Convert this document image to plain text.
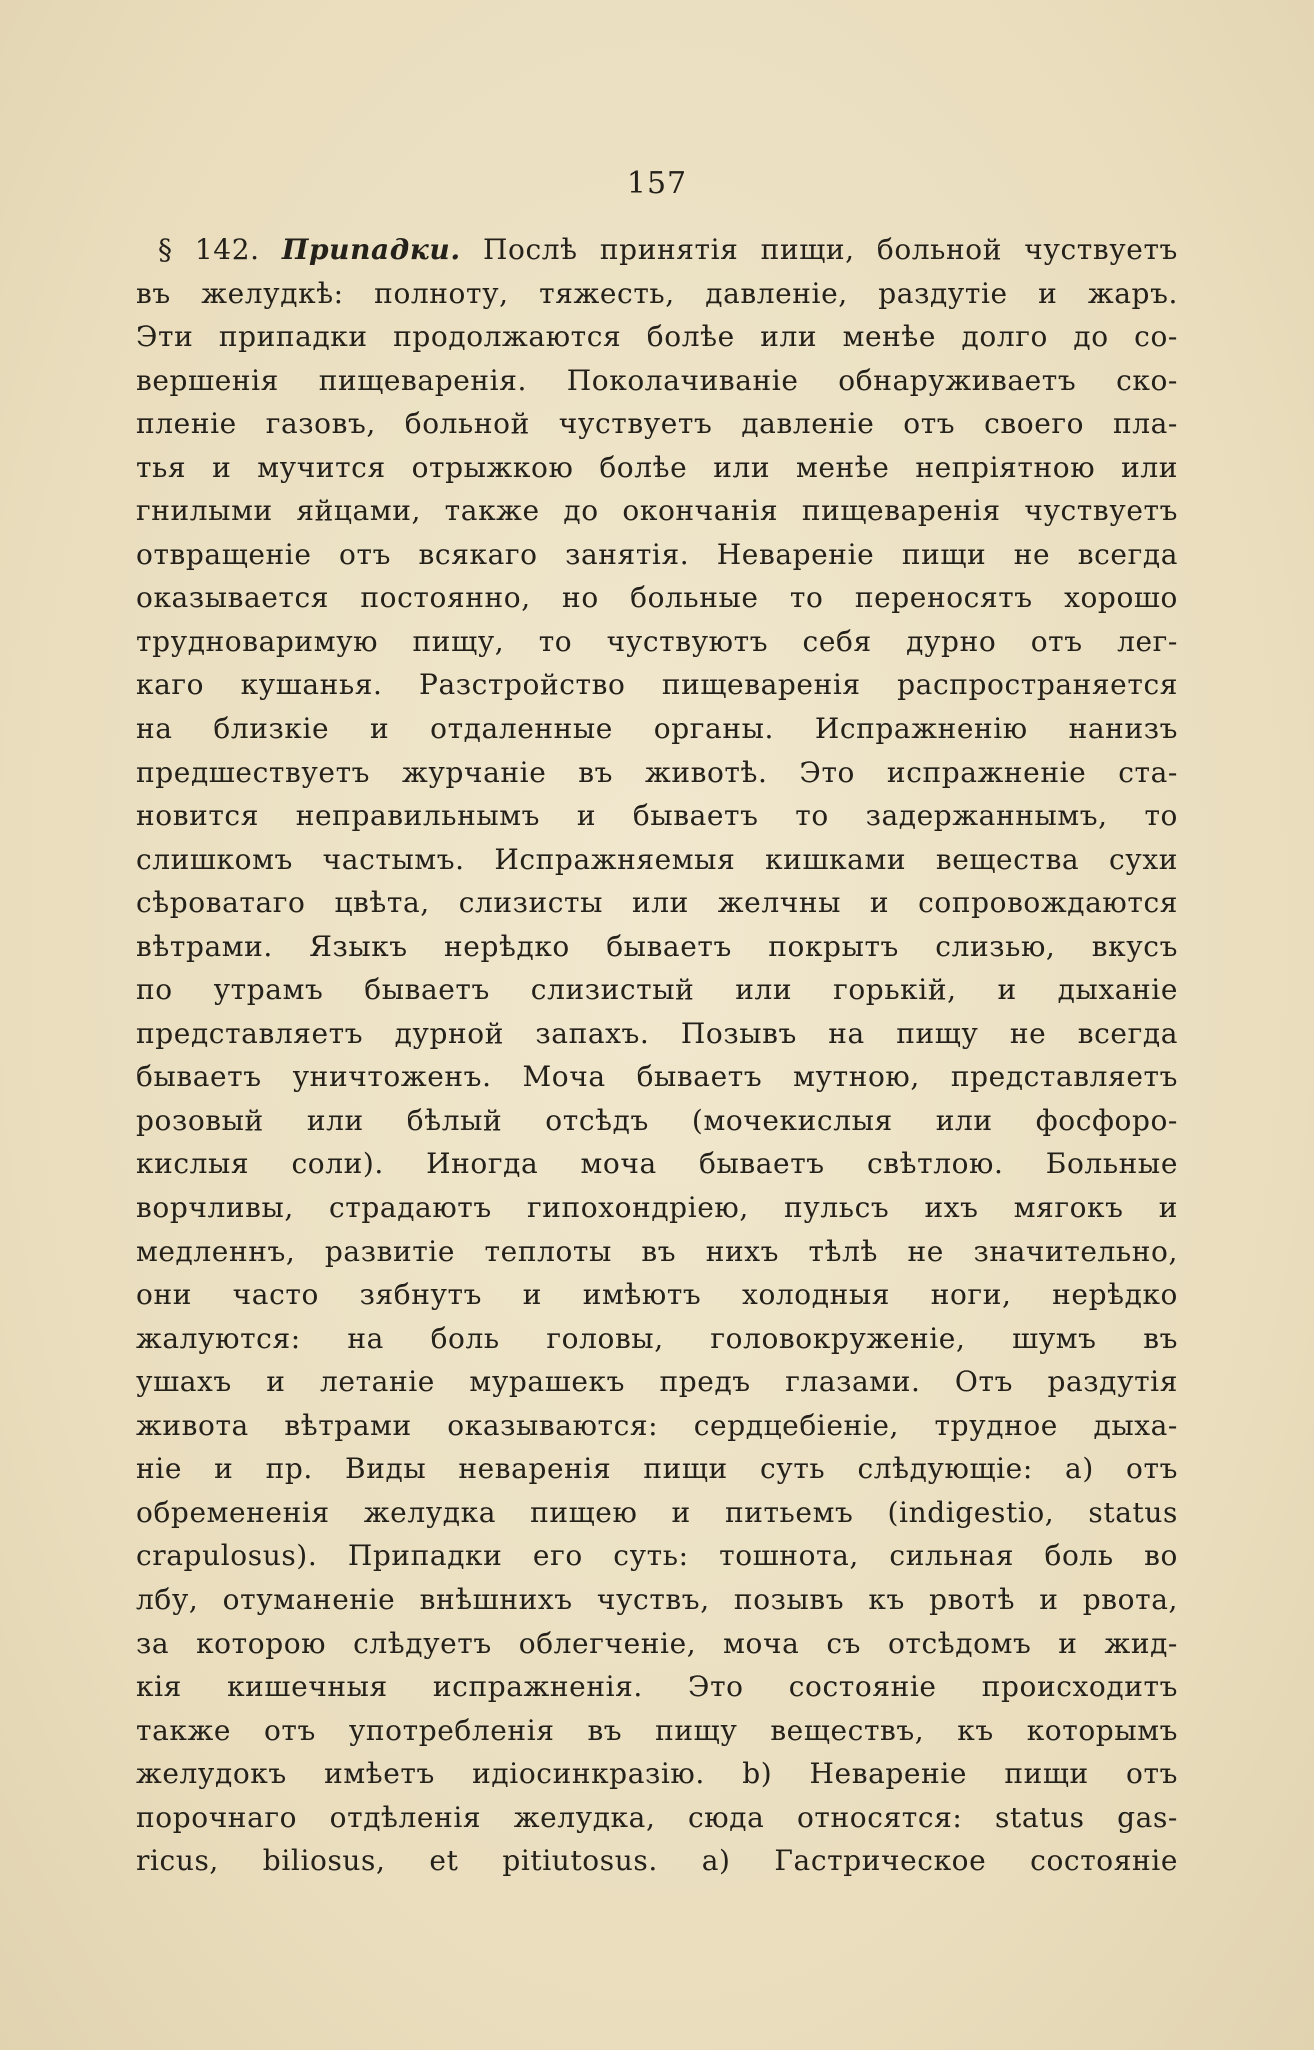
157
§ 142. Припадки. Послѣ принятія пищи, больной чуствуетъ
въ желудкѣ: полноту, тяжесть, давленіе, раздутіе и жаръ.
Эти припадки продолжаются болѣе или менѣе долго до со-
вершенія пищеваренія. Поколачиваніе обнаруживаетъ ско-
пленіе газовъ, больной чуствуетъ давленіе отъ своего пла-
тья и мучится отрыжкою болѣе или менѣе непріятною или
гнилыми яйцами, также до окончанія пищеваренія чуствуетъ
отвращеніе отъ всякаго занятія. Неваренiе пищи не всегда
оказывается постоянно, но больные то переносятъ хорошо
трудноваримую пищу, то чуствуютъ себя дурно отъ лег-
каго кушанья. Разстройство пищеваренія распространяется
на близкіе и отдаленные органы. Испражненію нанизъ
предшествуетъ журчаніе въ животѣ. Это испражненіе ста-
новится неправильнымъ и бываетъ то задержаннымъ, то
слишкомъ частымъ. Испражняемыя кишками вещества сухи
сѣроватаго цвѣта, слизисты или желчны и сопровождаются
вѣтрами. Языкъ нерѣдко бываетъ покрытъ слизью, вкусъ
по утрамъ бываетъ слизистый или горькій, и дыханіе
представляетъ дурной запахъ. Позывъ на пищу не всегда
бываетъ уничтоженъ. Моча бываетъ мутною, представляетъ
розовый или бѣлый отсѣдъ (мочекислыя или фосфоро-
кислыя соли). Иногда моча бываетъ свѣтлою. Больные
ворчливы, страдаютъ гипохондріею, пульсъ ихъ мягокъ и
медленнъ, развитіе теплоты въ нихъ тѣлѣ не значительно,
они часто зябнутъ и имѣютъ холодныя ноги, нерѣдко
жалуются: на боль головы, головокруженіе, шумъ въ
ушахъ и летаніе мурашекъ предъ глазами. Отъ раздутія
живота вѣтрами оказываются: сердцебіеніе, трудное дыха-
ніе и пр. Виды неваренія пищи суть слѣдующіе: a) отъ
обремененія желудка пищею и питьемъ (indigestio, status
crapulosus). Припадки его суть: тошнота, сильная боль во
лбу, отуманеніе внѣшнихъ чуствъ, позывъ къ рвотѣ и рвота,
за которою слѣдуетъ облегченіе, моча съ отсѣдомъ и жид-
кія кишечныя испражненія. Это состояніе происходитъ
также отъ употребленія въ пищу веществъ, къ которымъ
желудокъ имѣетъ идіосинкразію. b) Неваренiе пищи отъ
порочнаго отдѣленія желудка, сюда относятся: status gas-
ricus, biliosus, et pitiutosus. a) Гастрическое состояніе
